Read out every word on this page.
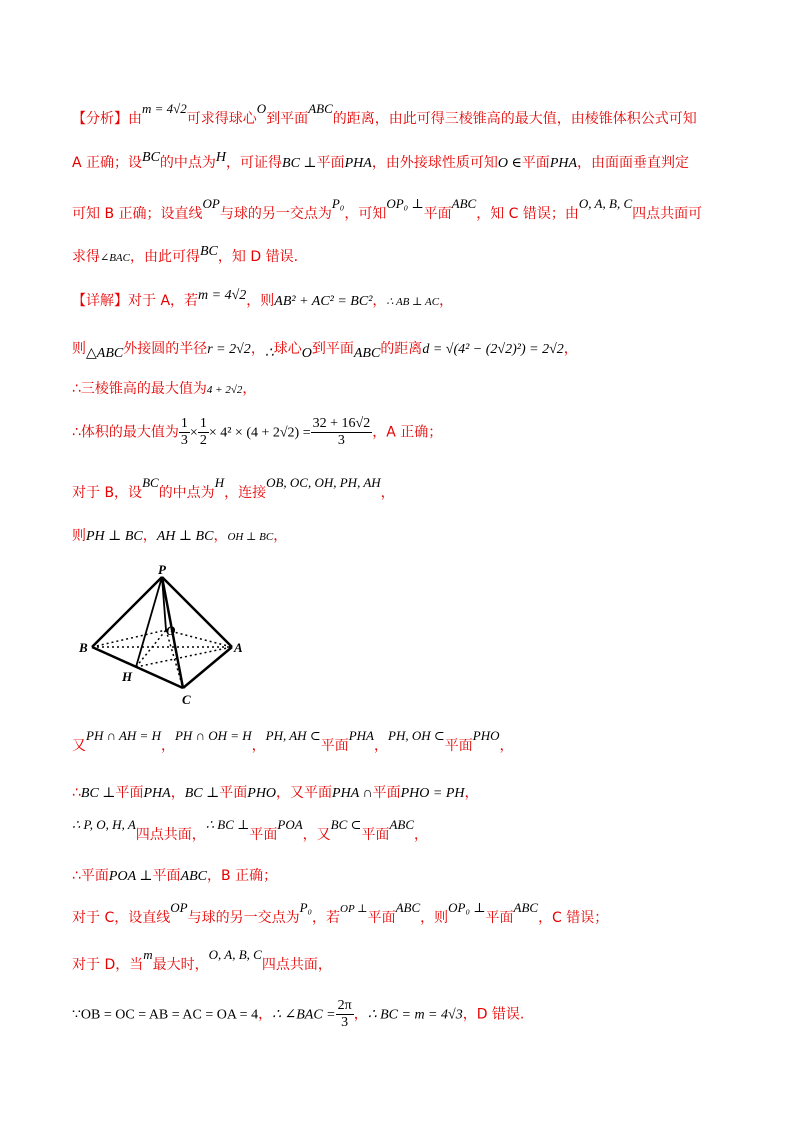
【分析】由m = 4√2可求得球心O到平面ABC的距离，由此可得三棱锥高的最大值，由棱锥体积公式可知
A 正确；设BC的中点为H，可证得BC ⊥平面PHA，由外接球性质可知O ∈平面PHA，由面面垂直判定
可知 B 正确；设直线OP与球的另一交点为P₀，可知OP₀ ⊥平面ABC，知 C 错误；由O, A, B, C四点共面可
求得∠BAC，由此可得BC，知 D 错误.
【详解】对于 A，若m = 4√2，则AB² + AC² = BC²，∴ AB ⊥ AC，
则△ABC外接圆的半径r = 2√2，∴球心O到平面ABC的距离d = √(4² − (2√2)²) = 2√2，
∴三棱锥高的最大值为4 + 2√2，
∴体积的最大值为 $\frac{1}{3} \times \frac{1}{2} \times 4^2 \times (4 + 2√2) = \frac{32 + 16√2}{3}$ ，A 正确；
对于 B，设BC的中点为H，连接OB, OC, OH, PH, AH，
则PH ⊥ BC，AH ⊥ BC，OH ⊥ BC，
P
O
B	A
H
C
又PH ∩ AH = H，PH ∩ OH = H，PH, AH ⊂平面PHA，PH, OH ⊂平面PHO，
∴BC ⊥平面PHA，BC ⊥平面PHO，又平面PHA ∩平面PHO = PH，
∴ P, O, H, A四点共面，∴ BC ⊥平面POA，又BC ⊂平面ABC，
∴平面POA ⊥平面ABC，B 正确；
对于 C，设直线OP与球的另一交点为P₀，若$^{OP \perp}$平面ABC，则OP₀ ⊥平面ABC，C 错误；
对于 D，当m最大时，O, A, B, C四点共面，
∵OB = OC = AB = AC = OA = 4，∴ ∠BAC = $\frac{2\pi}{3}$ ，∴ BC = m = 4√3，D 错误.
